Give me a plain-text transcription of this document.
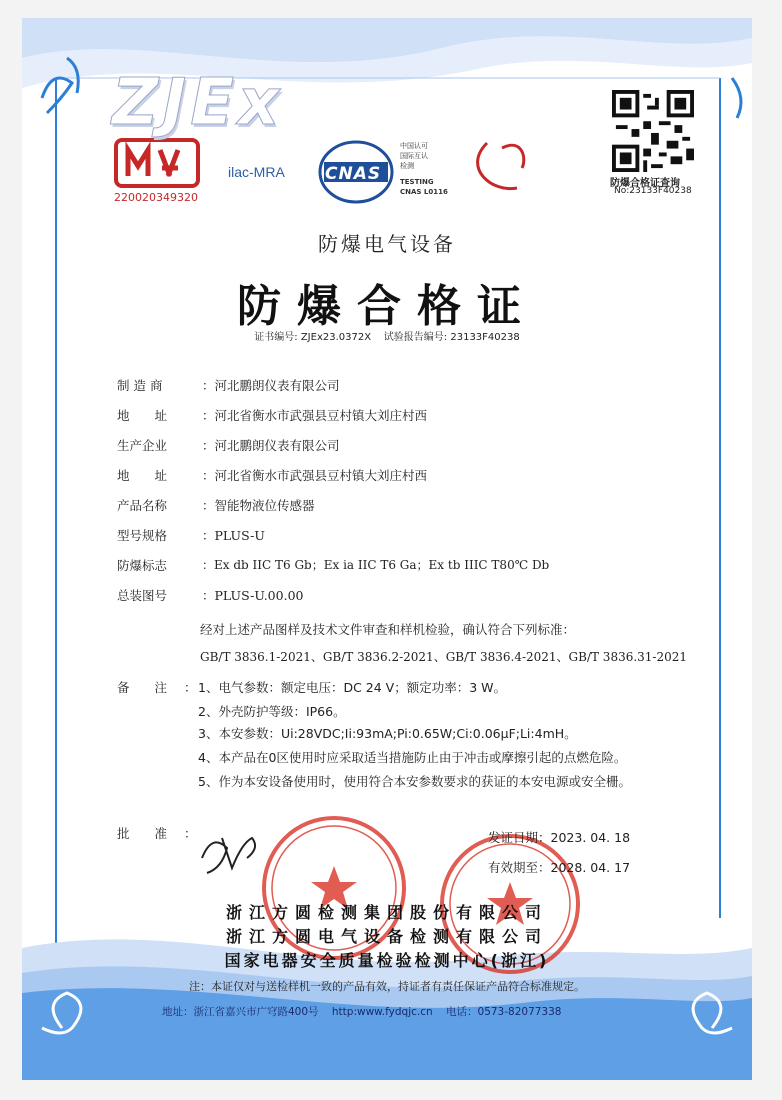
ZJEx
220020349320
ilac-MRA CNAS
中国认可
国际互认
检测
TESTING
CNAS L0116
防爆合格证查询
No:23133F40238
防爆电气设备
防爆合格证
证书编号: ZJEx23.0372X 试验报告编号: 23133F40238
制 造 商	：河北鹏朗仪表有限公司
地　　址	：河北省衡水市武强县豆村镇大刘庄村西
生产企业	：河北鹏朗仪表有限公司
地　　址	：河北省衡水市武强县豆村镇大刘庄村西
产品名称	：智能物液位传感器
型号规格	：PLUS-U
防爆标志	：Ex db IIC T6 Gb；Ex ia IIC T6 Ga；Ex tb IIIC T80℃ Db
总装图号	：PLUS-U.00.00
经对上述产品图样及技术文件审查和样机检验，确认符合下列标准：
GB/T 3836.1-2021、GB/T 3836.2-2021、GB/T 3836.4-2021、GB/T 3836.31-2021
备　　注 ： 1、电气参数：额定电压：DC 24 V；额定功率：3 W。
2、外壳防护等级：IP66。
3、本安参数：Ui:28VDC;Ii:93mA;Pi:0.65W;Ci:0.06μF;Li:4mH。
4、本产品在0区使用时应采取适当措施防止由于冲击或摩擦引起的点燃危险。
5、作为本安设备使用时，使用符合本安参数要求的获证的本安电源或安全栅。
批　　准 ：	发证日期：2023. 04. 18
有效期至：2028. 04. 17
浙江方圆检测集团股份有限公司
浙江方圆电气设备检测有限公司
国家电器安全质量检验检测中心(浙江)
注：本证仅对与送检样机一致的产品有效，持证者有责任保证产品符合标准规定。
地址：浙江省嘉兴市广穹路400号 http:www.fydqjc.cn 电话：0573-82077338
